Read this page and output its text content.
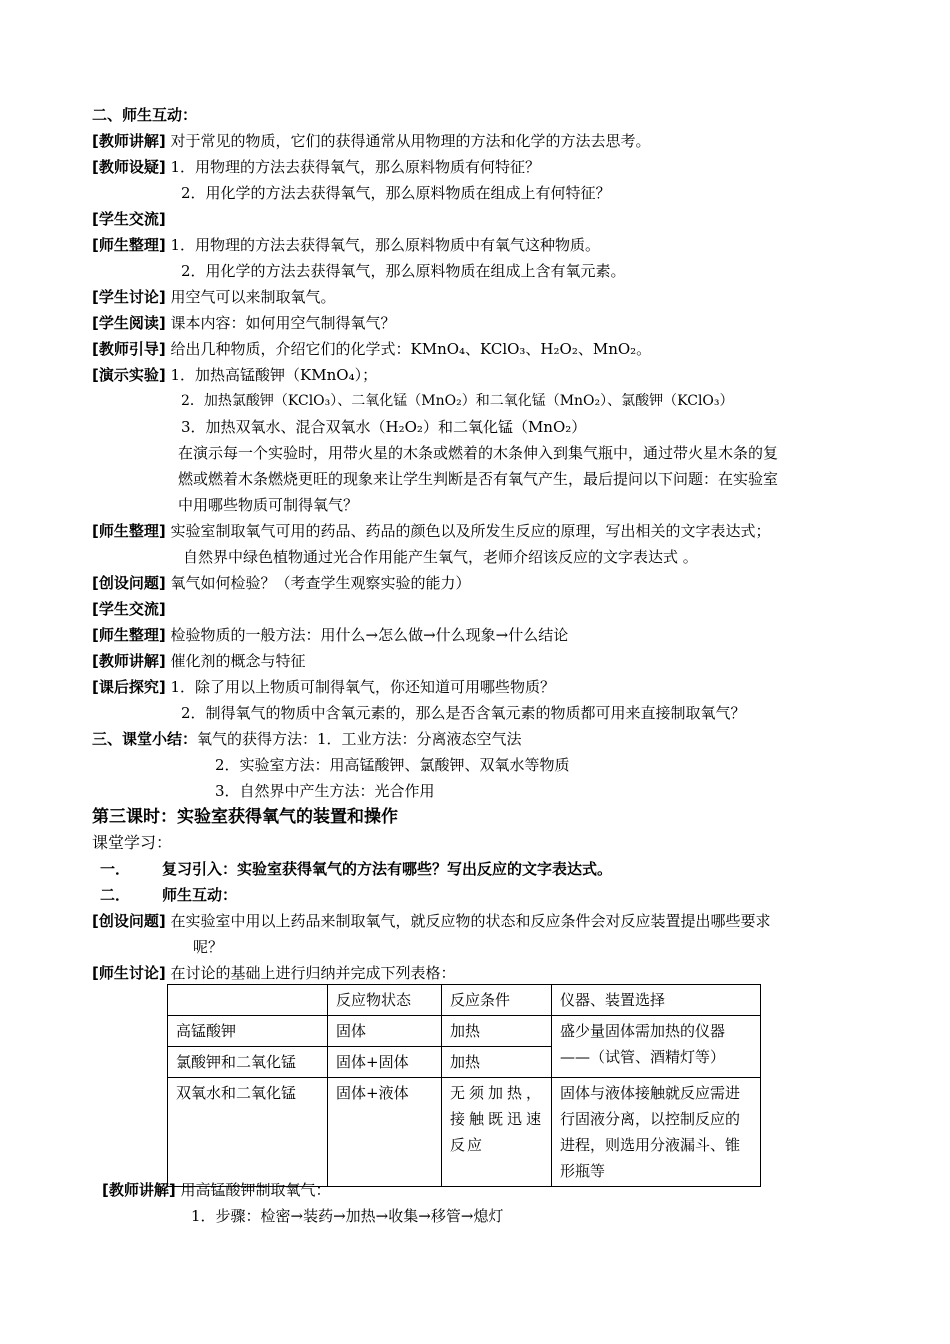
二、师生互动：
[教师讲解] 对于常见的物质，它们的获得通常从用物理的方法和化学的方法去思考。
[教师设疑] 1．用物理的方法去获得氧气，那么原料物质有何特征？
2．用化学的方法去获得氧气，那么原料物质在组成上有何特征？
[学生交流]
[师生整理] 1．用物理的方法去获得氧气，那么原料物质中有氧气这种物质。
2．用化学的方法去获得氧气，那么原料物质在组成上含有氧元素。
[学生讨论] 用空气可以来制取氧气。
[学生阅读] 课本内容：如何用空气制得氧气？
[教师引导] 给出几种物质，介绍它们的化学式：KMnO₄、KClO₃、H₂O₂、MnO₂。
[演示实验] 1．加热高锰酸钾（KMnO₄）；
2．加热氯酸钾（KClO₃）、二氧化锰（MnO₂）和二氧化锰（MnO₂）、氯酸钾（KClO₃）
3．加热双氧水、混合双氧水（H₂O₂）和二氧化锰（MnO₂）
在演示每一个实验时，用带火星的木条或燃着的木条伸入到集气瓶中，通过带火星木条的复
燃或燃着木条燃烧更旺的现象来让学生判断是否有氧气产生，最后提问以下问题：在实验室
中用哪些物质可制得氧气？
[师生整理] 实验室制取氧气可用的药品、药品的颜色以及所发生反应的原理，写出相关的文字表达式；
自然界中绿色植物通过光合作用能产生氧气，老师介绍该反应的文字表达式 。
[创设问题] 氧气如何检验？（考查学生观察实验的能力）
[学生交流]
[师生整理] 检验物质的一般方法：用什么→怎么做→什么现象→什么结论
[教师讲解] 催化剂的概念与特征
[课后探究] 1．除了用以上物质可制得氧气，你还知道可用哪些物质？
2．制得氧气的物质中含氧元素的，那么是否含氧元素的物质都可用来直接制取氧气？
三、课堂小结：氧气的获得方法：1．工业方法：分离液态空气法
2．实验室方法：用高锰酸钾、氯酸钾、双氧水等物质
3．自然界中产生方法：光合作用
第三课时：实验室获得氧气的装置和操作
课堂学习：
一． 复习引入：实验室获得氧气的方法有哪些？写出反应的文字表达式。
二． 师生互动：
[创设问题] 在实验室中用以上药品来制取氧气，就反应物的状态和反应条件会对反应装置提出哪些要求
呢？
[师生讨论] 在讨论的基础上进行归纳并完成下列表格：
	反应物状态	反应条件	仪器、装置选择
高锰酸钾	固体	加热	盛少量固体需加热的仪器——（试管、酒精灯等）
氯酸钾和二氧化锰	固体+固体	加热	
双氧水和二氧化锰	固体+液体	无须加热，接触既迅速反应	固体与液体接触就反应需进行固液分离，以控制反应的进程，则选用分液漏斗、锥形瓶等
[教师讲解] 用高锰酸钾制取氧气：
1．步骤：检密→装药→加热→收集→移管→熄灯
